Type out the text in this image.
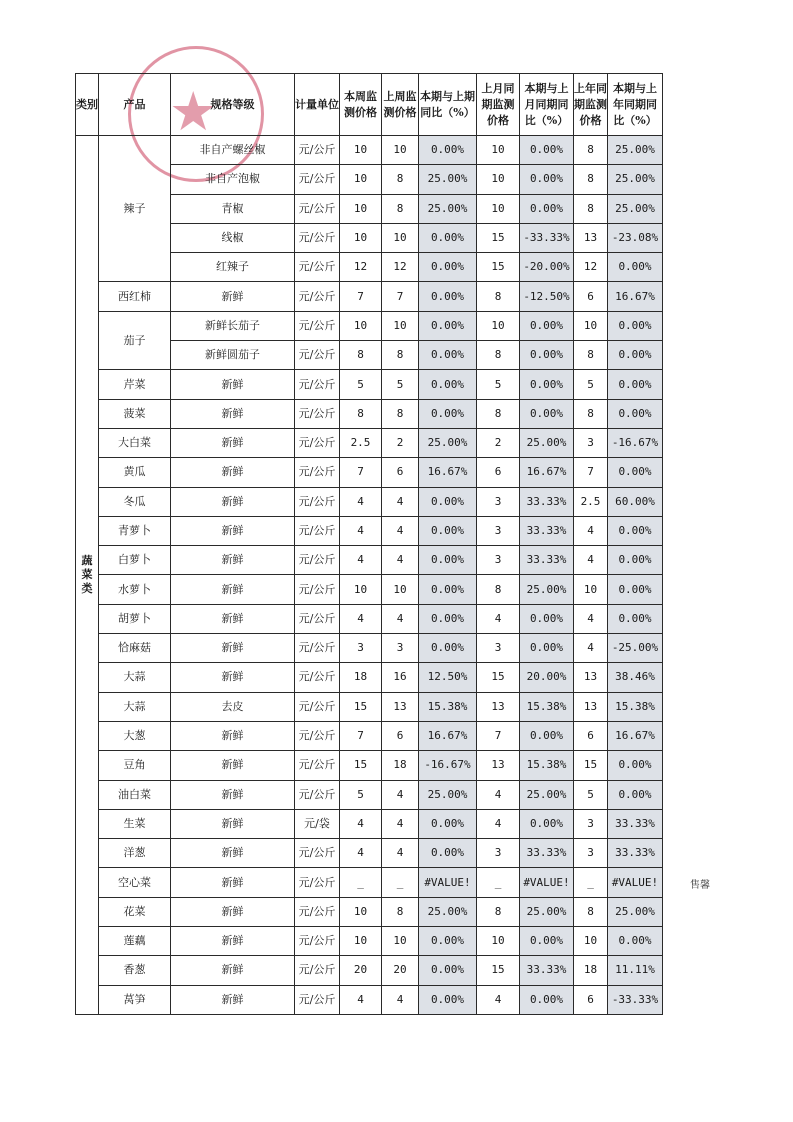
★
类别	产品	规格等级	计量单位	本周监测价格	上周监测价格	本期与上期同比（%）	上月同期监测价格	本期与上月同期同比（%）	上年同期监测价格	本期与上年同期同比（%）
蔬
菜
类	辣子	非自产螺丝椒	元/公斤	10	10	0.00%	10	0.00%	8	25.00%
		非自产泡椒	元/公斤	10	8	25.00%	10	0.00%	8	25.00%
		青椒	元/公斤	10	8	25.00%	10	0.00%	8	25.00%
		线椒	元/公斤	10	10	0.00%	15	-33.33%	13	-23.08%
		红辣子	元/公斤	12	12	0.00%	15	-20.00%	12	0.00%
	西红柿	新鲜	元/公斤	7	7	0.00%	8	-12.50%	6	16.67%
	茄子	新鲜长茄子	元/公斤	10	10	0.00%	10	0.00%	10	0.00%
		新鲜圆茄子	元/公斤	8	8	0.00%	8	0.00%	8	0.00%
	芹菜	新鲜	元/公斤	5	5	0.00%	5	0.00%	5	0.00%
	菠菜	新鲜	元/公斤	8	8	0.00%	8	0.00%	8	0.00%
	大白菜	新鲜	元/公斤	2.5	2	25.00%	2	25.00%	3	-16.67%
	黄瓜	新鲜	元/公斤	7	6	16.67%	6	16.67%	7	0.00%
	冬瓜	新鲜	元/公斤	4	4	0.00%	3	33.33%	2.5	60.00%
	青萝卜	新鲜	元/公斤	4	4	0.00%	3	33.33%	4	0.00%
	白萝卜	新鲜	元/公斤	4	4	0.00%	3	33.33%	4	0.00%
	水萝卜	新鲜	元/公斤	10	10	0.00%	8	25.00%	10	0.00%
	胡萝卜	新鲜	元/公斤	4	4	0.00%	4	0.00%	4	0.00%
	恰麻菇	新鲜	元/公斤	3	3	0.00%	3	0.00%	4	-25.00%
	大蒜	新鲜	元/公斤	18	16	12.50%	15	20.00%	13	38.46%
	大蒜	去皮	元/公斤	15	13	15.38%	13	15.38%	13	15.38%
	大葱	新鲜	元/公斤	7	6	16.67%	7	0.00%	6	16.67%
	豆角	新鲜	元/公斤	15	18	-16.67%	13	15.38%	15	0.00%
	油白菜	新鲜	元/公斤	5	4	25.00%	4	25.00%	5	0.00%
	生菜	新鲜	元/袋	4	4	0.00%	4	0.00%	3	33.33%
	洋葱	新鲜	元/公斤	4	4	0.00%	3	33.33%	3	33.33%
	空心菜	新鲜	元/公斤	_	_	#VALUE!	_	#VALUE!	_	#VALUE!
	花菜	新鲜	元/公斤	10	8	25.00%	8	25.00%	8	25.00%
	莲藕	新鲜	元/公斤	10	10	0.00%	10	0.00%	10	0.00%
	香葱	新鲜	元/公斤	20	20	0.00%	15	33.33%	18	11.11%
	莴笋	新鲜	元/公斤	4	4	0.00%	4	0.00%	6	-33.33%
售馨
